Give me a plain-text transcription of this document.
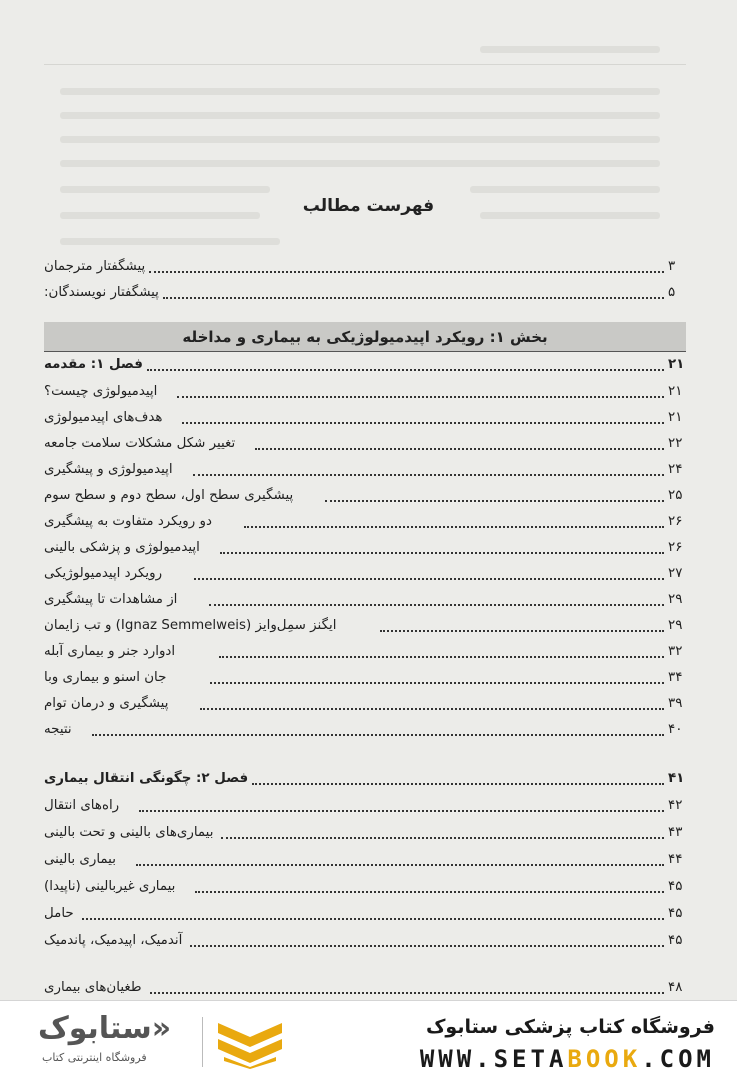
فهرست مطالب
پیشگفتار مترجمان	۳
پیشگفتار نویسندگان:	۵
بخش ۱: رویکرد اپیدمیولوژیکی به بیماری و مداخله
فصل ۱: مقدمه	۲۱
اپیدمیولوژی چیست؟	۲۱
هدف‌های اپیدمیولوژی	۲۱
تغییر شکل مشکلات سلامت جامعه	۲۲
اپیدمیولوژی و پیشگیری	۲۴
پیشگیری سطح اول، سطح دوم و سطح سوم	۲۵
دو رویکرد متفاوت به پیشگیری	۲۶
اپیدمیولوژی و پزشکی بالینی	۲۶
رویکرد اپیدمیولوژیکی	۲۷
از مشاهدات تا پیشگیری	۲۹
ایگنز سمِل‌وایز (Ignaz Semmelweis) و تب زایمان	۲۹
ادوارد جنر و بیماری آبله	۳۲
جان اسنو و بیماری وبا	۳۴
پیشگیری و درمان توام	۳۹
نتیجه	۴۰
فصل ۲: چگونگی انتقال بیماری	۴۱
راه‌های انتقال	۴۲
بیماری‌های بالینی و تحت بالینی	۴۳
بیماری بالینی	۴۴
بیماری غیربالینی (ناپیدا)	۴۵
حامل	۴۵
آندمیک، اپیدمیک، پاندمیک	۴۵
طغیان‌های بیماری	۴۸
«ستابوک
فروشگاه اینترنتی کتاب
فروشگاه کتاب پزشکی ستابوک
WWW.SETABOOK.COM
